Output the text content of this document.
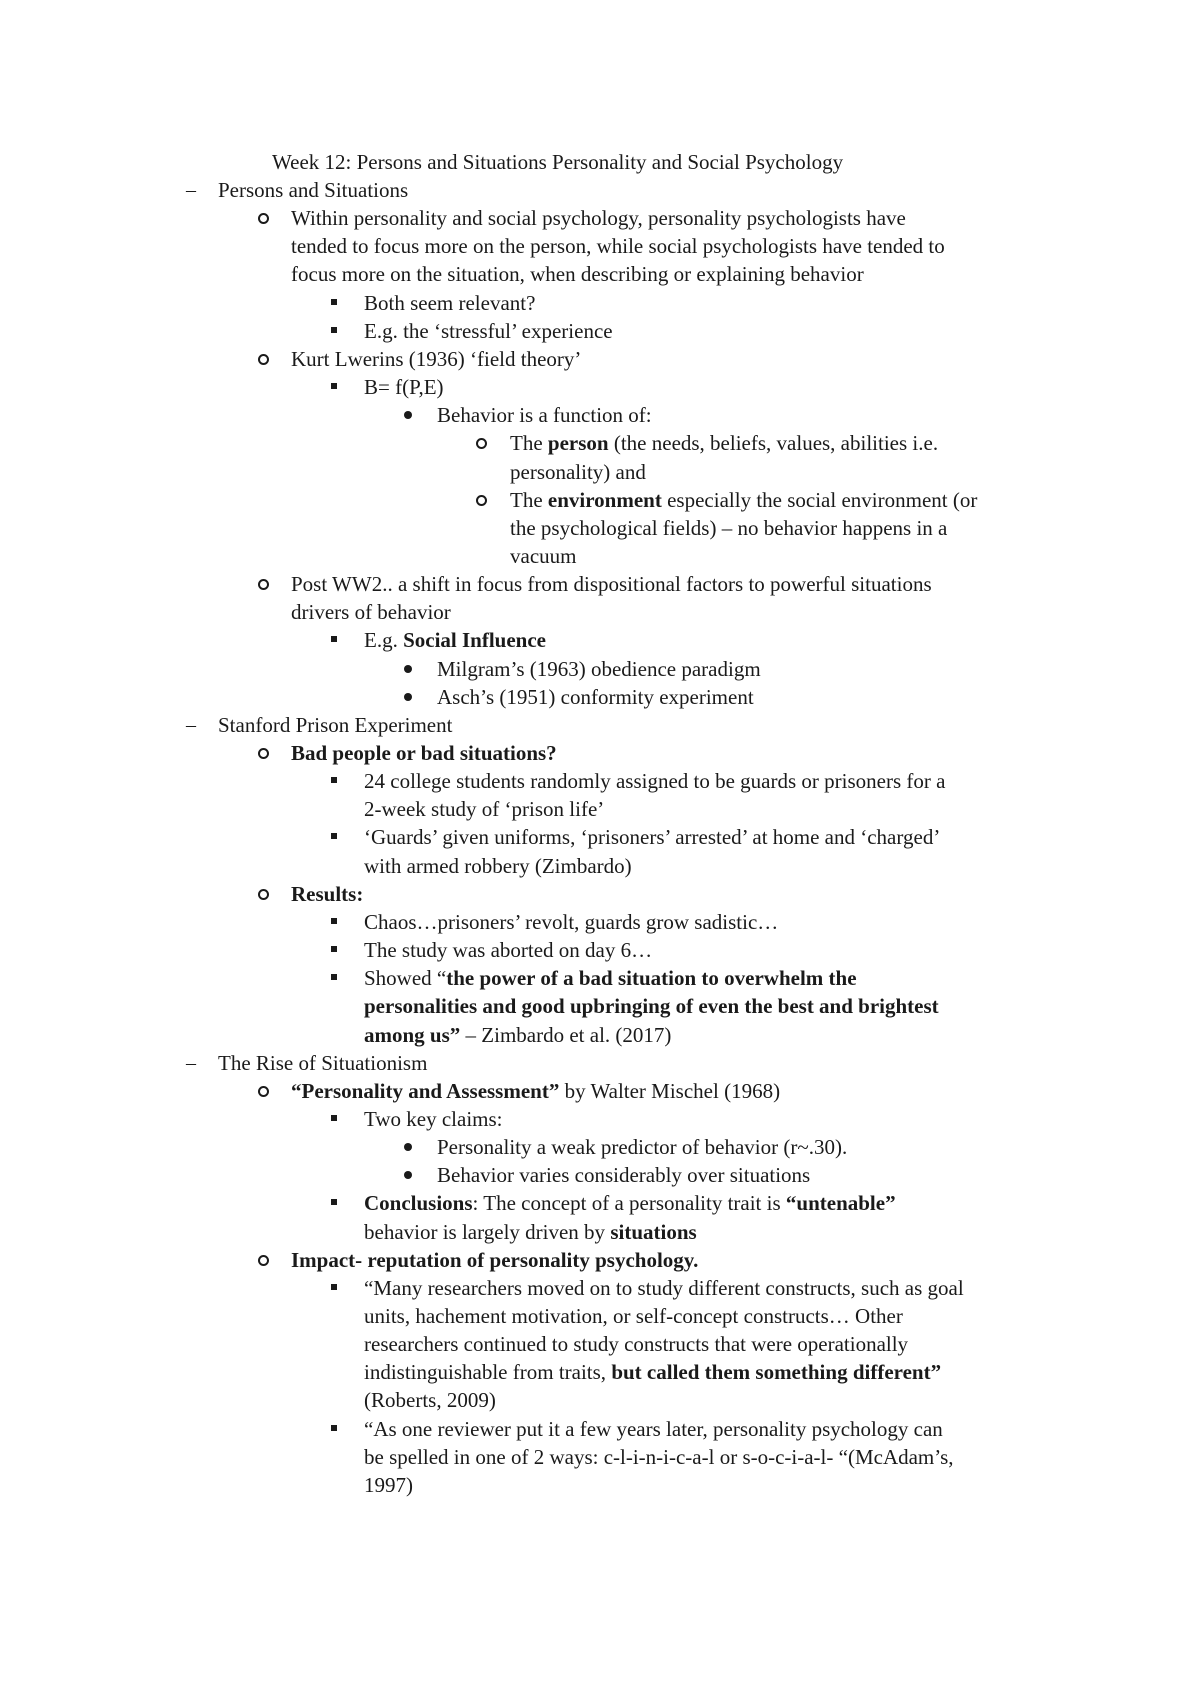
Week 12: Persons and Situations Personality and Social Psychology

– Persons and Situations

Within personality and social psychology, personality psychologists have

tended to focus more on the person, while social psychologists have tended to

focus more on the situation, when describing or explaining behavior

Both seem relevant?

E.g. the ‘stressful’ experience

Kurt Lwerins (1936) ‘field theory’

B= f(P,E)

Behavior is a function of:

The person (the needs, beliefs, values, abilities i.e.

personality) and

The environment especially the social environment (or

the psychological fields) – no behavior happens in a

vacuum

Post WW2.. a shift in focus from dispositional factors to powerful situations

drivers of behavior

E.g. Social Influence

Milgram’s (1963) obedience paradigm

Asch’s (1951) conformity experiment

– Stanford Prison Experiment

Bad people or bad situations?

24 college students randomly assigned to be guards or prisoners for a

2-week study of ‘prison life’

‘Guards’ given uniforms, ‘prisoners’ arrested’ at home and ‘charged’

with armed robbery (Zimbardo)

Results:

Chaos…prisoners’ revolt, guards grow sadistic…

The study was aborted on day 6…

Showed “the power of a bad situation to overwhelm the

personalities and good upbringing of even the best and brightest

among us” – Zimbardo et al. (2017)

– The Rise of Situationism

“Personality and Assessment” by Walter Mischel (1968)

Two key claims:

Personality a weak predictor of behavior (r~.30).

Behavior varies considerably over situations

Conclusions: The concept of a personality trait is “untenable”

behavior is largely driven by situations

Impact- reputation of personality psychology.

“Many researchers moved on to study different constructs, such as goal

units, hachement motivation, or self-concept constructs… Other

researchers continued to study constructs that were operationally

indistinguishable from traits, but called them something different”

(Roberts, 2009)

“As one reviewer put it a few years later, personality psychology can

be spelled in one of 2 ways: c-l-i-n-i-c-a-l or s-o-c-i-a-l- “(McAdam’s,

1997)
